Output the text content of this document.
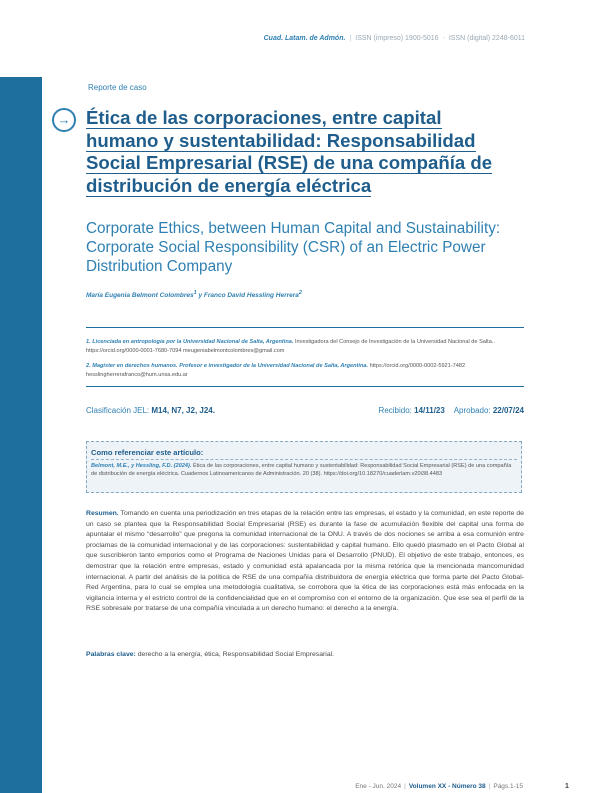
Cuad. Latam. de Admón. | ISSN (impreso) 1900-5016 - ISSN (digital) 2248-6011
Reporte de caso
→ Ética de las corporaciones, entre capital
humano y sustentabilidad: Responsabilidad
Social Empresarial (RSE) de una compañía de
distribución de energía eléctrica
Corporate Ethics, between Human Capital and Sustainability: Corporate Social Responsibility (CSR) of an Electric Power Distribution Company
María Eugenia Belmont Colombres$^1$ y Franco David Hessling Herrera$^2$

1. Licenciada en antropología por la Universidad Nacional de Salta, Argentina. Investigadora del Consejo de Investigación de la Universidad Nacional de Salta.. https://orcid.org/0000-0001-7680-7094 meugeniabelmontcolombres@gmail.com

2. Magíster en derechos humanos. Profesor e investigador de la Universidad Nacional de Salta, Argentina. https://orcid.org/0000-0002-5921-7482 hesslingherrerafranco@hum.unsa.edu.ar

Clasificación JEL: M14, N7, J2, J24.	Recibido: 14/11/23 Aprobado: 22/07/24
Como referenciar este artículo:
Belmont, M.E., y Hessling, F.D. (2024). Ética de las corporaciones, entre capital humano y sustentabilidad: Responsabilidad Social Empresarial (RSE) de una compañía de distribución de energía eléctrica. Cuadernos Latinoamericanos de Administración. 20 (38). https://doi.org/10.18270/cuaderlam.v20i38.4483

Resumen. Tomando en cuenta una periodización en tres etapas de la relación entre las empresas, el estado y la comunidad, en este reporte de un caso se plantea que la Responsabilidad Social Empresarial (RSE) es durante la fase de acumulación flexible del capital una forma de apuntalar el mismo “desarrollo” que pregona la comunidad internacional de la ONU. A través de dos nociones se arriba a esa comunión entre proclamas de la comunidad internacional y de las corporaciones: sustentabilidad y capital humano. Ello quedó plasmado en el Pacto Global al que suscribieron tanto emporios como el Programa de Naciones Unidas para el Desarrollo (PNUD). El objetivo de este trabajo, entonces, es demostrar que la relación entre empresas, estado y comunidad está apalancada por la misma retórica que la mencionada mancomunidad internacional. A partir del análisis de la política de RSE de una compañía distribuidora de energía eléctrica que forma parte del Pacto Global-Red Argentina, para lo cual se emplea una metodología cualitativa, se corrobora que la ética de las corporaciones está más enfocada en la vigilancia interna y el estricto control de la confidencialidad que en el compromiso con el entorno de la organización. Que ese sea el perfil de la RSE sobresale por tratarse de una compañía vinculada a un derecho humano: el derecho a la energía.

Palabras clave: derecho a la energía, ética, Responsabilidad Social Empresarial.

Ene - Jun. 2024 | Volumen XX - Número 38 | Págs.1-15	1
